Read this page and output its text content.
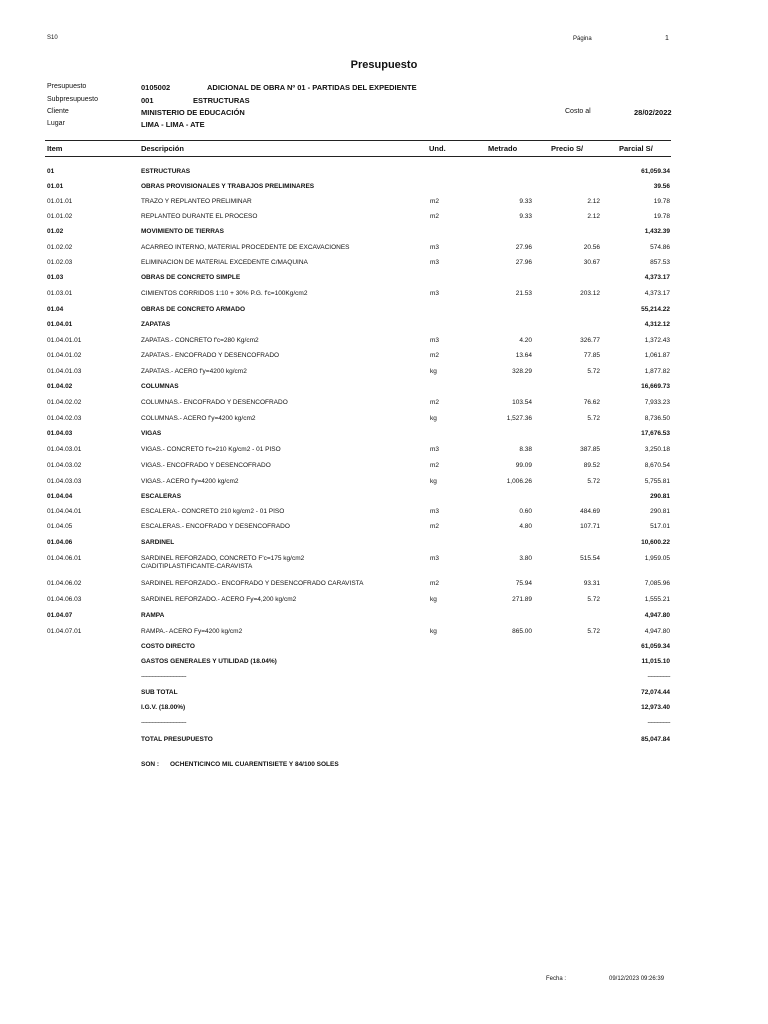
S10	Página	1
Presupuesto
Presupuesto	0105002	ADICIONAL DE OBRA Nº 01 - PARTIDAS DEL EXPEDIENTE
Subpresupuesto	001	ESTRUCTURAS
Cliente	MINISTERIO DE EDUCACIÓN	Costo al	28/02/2022
Lugar	LIMA - LIMA - ATE
Item	Descripción	Und.	Metrado	Precio S/	Parcial S/
01	ESTRUCTURAS	61,059.34
01.01	OBRAS PROVISIONALES Y TRABAJOS PRELIMINARES	39.56
01.01.01	TRAZO Y REPLANTEO PRELIMINAR	m2	9.33	2.12	19.78
01.01.02	REPLANTEO DURANTE EL PROCESO	m2	9.33	2.12	19.78
01.02	MOVIMIENTO DE TIERRAS	1,432.39
01.02.02	ACARREO INTERNO, MATERIAL PROCEDENTE DE EXCAVACIONES	m3	27.96	20.56	574.86
01.02.03	ELIMINACION DE MATERIAL EXCEDENTE C/MAQUINA	m3	27.96	30.67	857.53
01.03	OBRAS DE CONCRETO SIMPLE	4,373.17
01.03.01	CIMIENTOS CORRIDOS 1:10 + 30% P.G. f'c=100Kg/cm2	m3	21.53	203.12	4,373.17
01.04	OBRAS DE CONCRETO ARMADO	55,214.22
01.04.01	ZAPATAS	4,312.12
01.04.01.01	ZAPATAS.- CONCRETO f'c=280 Kg/cm2	m3	4.20	326.77	1,372.43
01.04.01.02	ZAPATAS.- ENCOFRADO Y DESENCOFRADO	m2	13.64	77.85	1,061.87
01.04.01.03	ZAPATAS.- ACERO f'y=4200 kg/cm2	kg	328.29	5.72	1,877.82
01.04.02	COLUMNAS	16,669.73
01.04.02.02	COLUMNAS.- ENCOFRADO Y DESENCOFRADO	m2	103.54	76.62	7,933.23
01.04.02.03	COLUMNAS.- ACERO f'y=4200 kg/cm2	kg	1,527.36	5.72	8,736.50
01.04.03	VIGAS	17,676.53
01.04.03.01	VIGAS.- CONCRETO f'c=210 Kg/cm2 - 01 PISO	m3	8.38	387.85	3,250.18
01.04.03.02	VIGAS.- ENCOFRADO Y DESENCOFRADO	m2	99.09	89.52	8,670.54
01.04.03.03	VIGAS.- ACERO f'y=4200 kg/cm2	kg	1,006.26	5.72	5,755.81
01.04.04	ESCALERAS	290.81
01.04.04.01	ESCALERA.- CONCRETO 210 kg/cm2 - 01 PISO	m3	0.60	484.69	290.81
01.04.05	ESCALERAS.- ENCOFRADO Y DESENCOFRADO	m2	4.80	107.71	517.01
01.04.06	SARDINEL	10,600.22
01.04.06.01	SARDINEL REFORZADO, CONCRETO F'c=175 kg/cm2	m3	3.80	515.54	1,959.05
C/ADITIPLASTIFICANTE-CARAVISTA
01.04.06.02	SARDINEL REFORZADO.- ENCOFRADO Y DESENCOFRADO CARAVISTA	m2	75.94	93.31	7,085.96
01.04.06.03	SARDINEL REFORZADO.- ACERO Fy=4,200 kg/cm2	kg	271.89	5.72	1,555.21
01.04.07	RAMPA	4,947.80
01.04.07.01	RAMPA.- ACERO Fy=4200 kg/cm2	kg	865.00	5.72	4,947.80
COSTO DIRECTO	61,059.34
GASTOS GENERALES Y UTILIDAD (18.04%)	11,015.10
------------------------------	---------------
SUB TOTAL	72,074.44
I.G.V. (18.00%)	12,973.40
------------------------------	---------------
TOTAL PRESUPUESTO	85,047.84
SON : OCHENTICINCO MIL CUARENTISIETE Y 84/100 SOLES
Fecha :	09/12/2023 09:26:39
